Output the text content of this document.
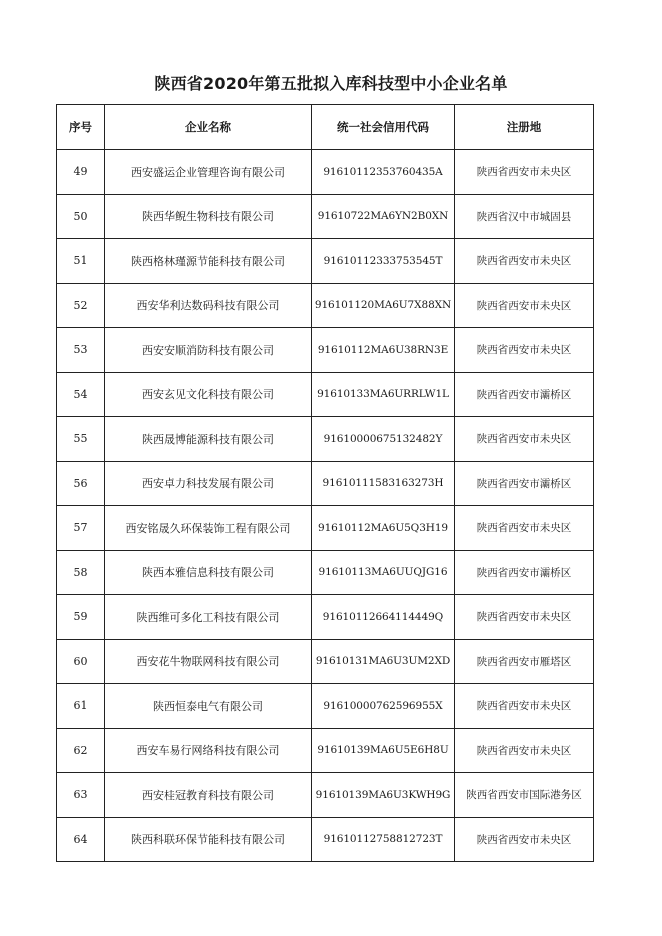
陕西省2020年第五批拟入库科技型中小企业名单
序号	企业名称	统一社会信用代码	注册地
49	西安盛运企业管理咨询有限公司	91610112353760435A	陕西省西安市未央区
50	陕西华鲵生物科技有限公司	91610722MA6YN2B0XN	陕西省汉中市城固县
51	陕西格林瑾源节能科技有限公司	91610112333753545T	陕西省西安市未央区
52	西安华利达数码科技有限公司	916101120MA6U7X88XN	陕西省西安市未央区
53	西安安顺消防科技有限公司	91610112MA6U38RN3E	陕西省西安市未央区
54	西安玄见文化科技有限公司	91610133MA6URRLW1L	陕西省西安市灞桥区
55	陕西晟博能源科技有限公司	91610000675132482Y	陕西省西安市未央区
56	西安卓力科技发展有限公司	91610111583163273H	陕西省西安市灞桥区
57	西安铭晟久环保装饰工程有限公司	91610112MA6U5Q3H19	陕西省西安市未央区
58	陕西本雅信息科技有限公司	91610113MA6UUQJG16	陕西省西安市灞桥区
59	陕西维可多化工科技有限公司	91610112664114449Q	陕西省西安市未央区
60	西安花牛物联网科技有限公司	91610131MA6U3UM2XD	陕西省西安市雁塔区
61	陕西恒泰电气有限公司	91610000762596955X	陕西省西安市未央区
62	西安车易行网络科技有限公司	91610139MA6U5E6H8U	陕西省西安市未央区
63	西安桂冠教育科技有限公司	91610139MA6U3KWH9G	陕西省西安市国际港务区
64	陕西科联环保节能科技有限公司	91610112758812723T	陕西省西安市未央区
